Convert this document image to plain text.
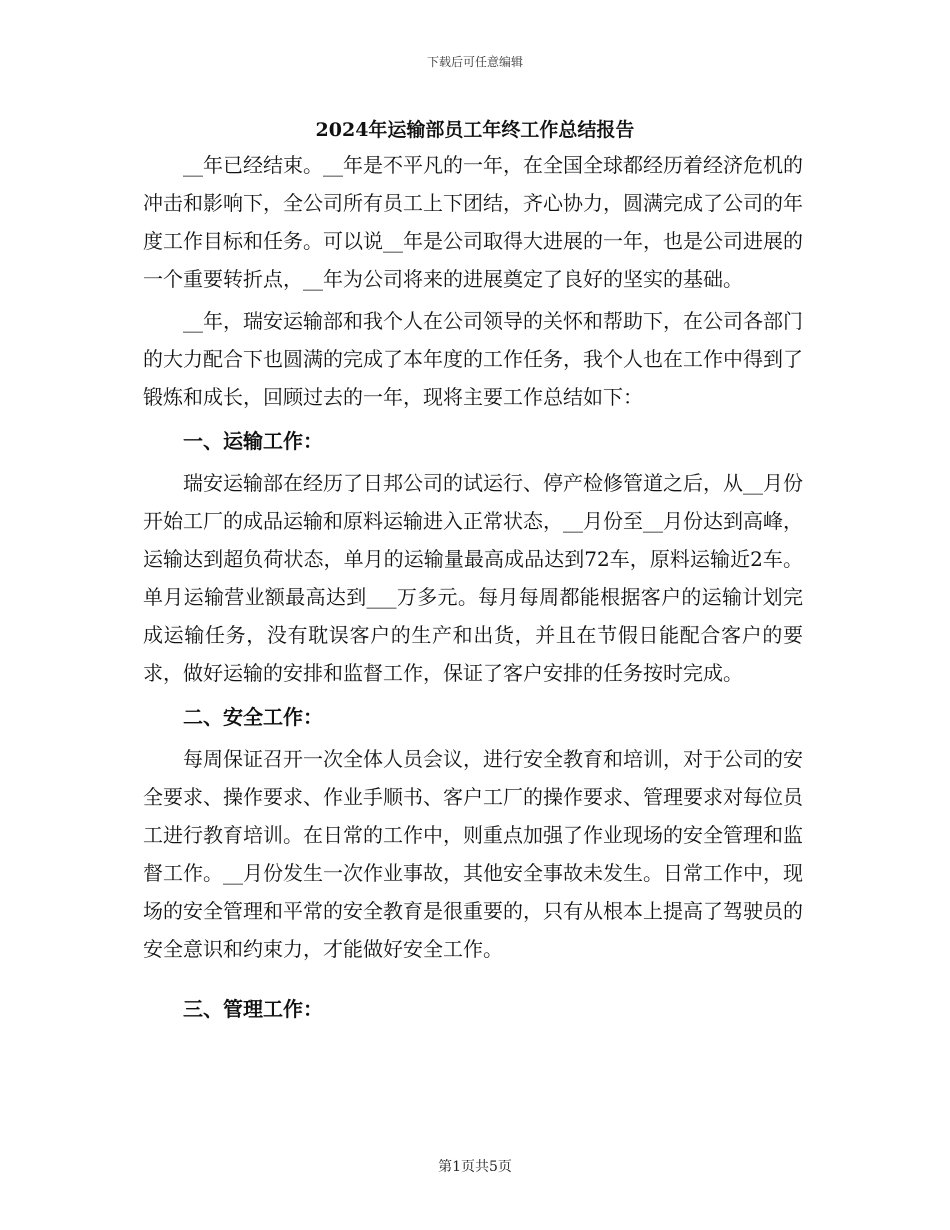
下载后可任意编辑
2024年运输部员工年终工作总结报告

__年已经结束。__年是不平凡的一年，在全国全球都经历着经济危机的冲击和影响下，全公司所有员工上下团结，齐心协力，圆满完成了公司的年度工作目标和任务。可以说__年是公司取得大进展的一年，也是公司进展的一个重要转折点，__年为公司将来的进展奠定了良好的坚实的基础。

__年，瑞安运输部和我个人在公司领导的关怀和帮助下，在公司各部门的大力配合下也圆满的完成了本年度的工作任务，我个人也在工作中得到了锻炼和成长，回顾过去的一年，现将主要工作总结如下：

一、运输工作：

瑞安运输部在经历了日邦公司的试运行、停产检修管道之后，从__月份开始工厂的成品运输和原料运输进入正常状态，__月份至__月份达到高峰，运输达到超负荷状态，单月的运输量最高成品达到72车，原料运输近2车。单月运输营业额最高达到___万多元。每月每周都能根据客户的运输计划完成运输任务，没有耽误客户的生产和出货，并且在节假日能配合客户的要求，做好运输的安排和监督工作，保证了客户安排的任务按时完成。

二、安全工作：

每周保证召开一次全体人员会议，进行安全教育和培训，对于公司的安全要求、操作要求、作业手顺书、客户工厂的操作要求、管理要求对每位员工进行教育培训。在日常的工作中，则重点加强了作业现场的安全管理和监督工作。__月份发生一次作业事故，其他安全事故未发生。日常工作中，现场的安全管理和平常的安全教育是很重要的，只有从根本上提高了驾驶员的安全意识和约束力，才能做好安全工作。

三、管理工作：
第1页共5页
